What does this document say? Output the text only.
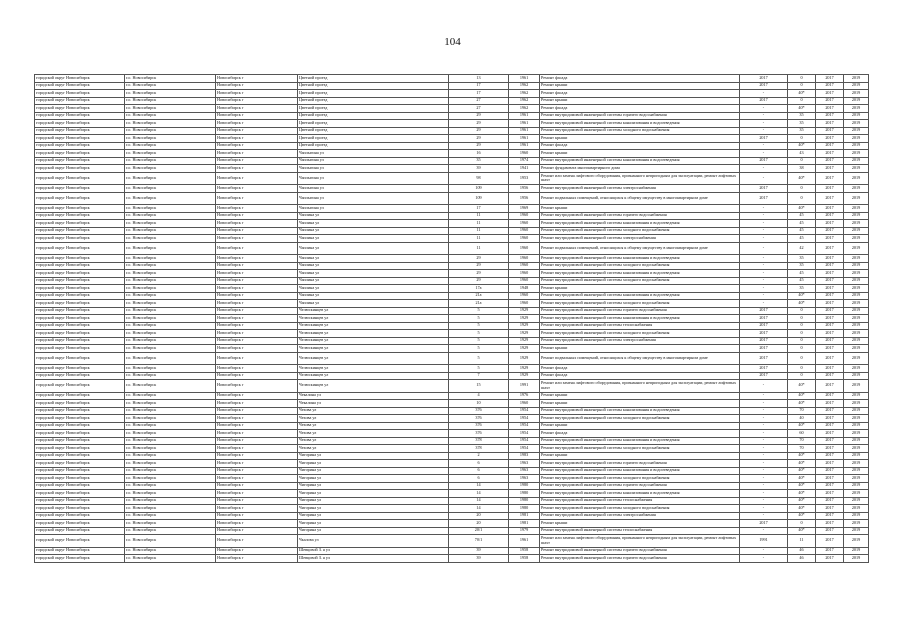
104
городской округ Новосибирск	г.о. Новосибирск	Новосибирск г	Цветной проезд	13	1961	Ремонт фасада	2017	0	2017	2019
городской округ Новосибирск	г.о. Новосибирск	Новосибирск г	Цветной проезд	17	1962	Ремонт крыши	2017	0	2017	2019
городской округ Новосибирск	г.о. Новосибирск	Новосибирск г	Цветной проезд	17	1962	Ремонт фасада	-	40*	2017	2019
городской округ Новосибирск	г.о. Новосибирск	Новосибирск г	Цветной проезд	27	1962	Ремонт крыши	2017	0	2017	2019
городской округ Новосибирск	г.о. Новосибирск	Новосибирск г	Цветной проезд	27	1962	Ремонт фасада	-	40*	2017	2019
городской округ Новосибирск	г.о. Новосибирск	Новосибирск г	Цветной проезд	29	1961	Ремонт внутридомовой инженерной системы горячего водоснабжения	-	35	2017	2019
городской округ Новосибирск	г.о. Новосибирск	Новосибирск г	Цветной проезд	29	1961	Ремонт внутридомовой инженерной системы канализования и водоотведения	-	35	2017	2019
городской округ Новосибирск	г.о. Новосибирск	Новосибирск г	Цветной проезд	29	1961	Ремонт внутридомовой инженерной системы холодного водоснабжения	-	35	2017	2019
городской округ Новосибирск	г.о. Новосибирск	Новосибирск г	Цветной проезд	29	1961	Ремонт крыши	2017	0	2017	2019
городской округ Новосибирск	г.о. Новосибирск	Новосибирск г	Цветной проезд	29	1961	Ремонт фасада	-	40*	2017	2019
городской округ Новосибирск	г.о. Новосибирск	Новосибирск г	Чаплыгина ул	16	1960	Ремонт крыши	-	43	2017	2019
городской округ Новосибирск	г.о. Новосибирск	Новосибирск г	Чаплыгина ул	35	1974	Ремонт внутридомовой инженерной системы канализования и водоотведения	2017	0	2017	2019
городской округ Новосибирск	г.о. Новосибирск	Новосибирск г	Чаплыгина ул	39	1941	Ремонт фундамента многоквартирного дома	-	38	2017	2019
городской округ Новосибирск	г.о. Новосибирск	Новосибирск г	Чаплыгина ул	98	1953	Ремонт или замена лифтового оборудования, признанного непригодным для эксплуатации, ремонт лифтовых шахт	-	40*	2017	2019
городской округ Новосибирск	г.о. Новосибирск	Новосибирск г	Чаплыгина ул	109	1956	Ремонт внутридомовой инженерной системы электроснабжения	2017	0	2017	2019
городской округ Новосибирск	г.о. Новосибирск	Новосибирск г	Чаплыгина ул	109	1956	Ремонт подвальных помещений, относящихся к общему имуществу в многоквартирном доме	2017	0	2017	2019
городской округ Новосибирск	г.о. Новосибирск	Новосибирск г	Чаплыгина ул	17	1969	Ремонт крыши	-	40*	2017	2019
городской округ Новосибирск	г.о. Новосибирск	Новосибирск г	Чаплина ул	11	1960	Ремонт внутридомовой инженерной системы горячего водоснабжения	-	45	2017	2019
городской округ Новосибирск	г.о. Новосибирск	Новосибирск г	Чаплина ул	11	1960	Ремонт внутридомовой инженерной системы канализования и водоотведения	-	45	2017	2019
городской округ Новосибирск	г.о. Новосибирск	Новосибирск г	Чаплина ул	11	1960	Ремонт внутридомовой инженерной системы холодного водоснабжения	-	45	2017	2019
городской округ Новосибирск	г.о. Новосибирск	Новосибирск г	Чаплина ул	11	1960	Ремонт внутридомовой инженерной системы электроснабжения	-	45	2017	2019
городской округ Новосибирск	г.о. Новосибирск	Новосибирск г	Чаплина ул	11	1960	Ремонт подвальных помещений, относящихся к общему имуществу в многоквартирном доме	-	42	2017	2019
городской округ Новосибирск	г.о. Новосибирск	Новосибирск г	Чаплина ул	29	1960	Ремонт внутридомовой инженерной системы канализования и водоотведения	-	35	2017	2019
городской округ Новосибирск	г.о. Новосибирск	Новосибирск г	Чаплина ул	29	1960	Ремонт внутридомовой инженерной системы холодного водоснабжения	-	35	2017	2019
городской округ Новосибирск	г.о. Новосибирск	Новосибирск г	Чаплина ул	29	1960	Ремонт внутридомовой инженерной системы канализования и водоотведения	-	45	2017	2019
городской округ Новосибирск	г.о. Новосибирск	Новосибирск г	Чаплина ул	29	1960	Ремонт внутридомовой инженерной системы холодного водоснабжения	-	45	2017	2019
городской округ Новосибирск	г.о. Новосибирск	Новосибирск г	Чаплина ул	17а	1948	Ремонт крыши	-	35	2017	2019
городской округ Новосибирск	г.о. Новосибирск	Новосибирск г	Чаплина ул	21а	1960	Ремонт внутридомовой инженерной системы канализования и водоотведения	-	40*	2017	2019
городской округ Новосибирск	г.о. Новосибирск	Новосибирск г	Чаплина ул	21а	1960	Ремонт внутридомовой инженерной системы холодного водоснабжения	-	40*	2017	2019
городской округ Новосибирск	г.о. Новосибирск	Новосибирск г	Челюскинцев ул	5	1929	Ремонт внутридомовой инженерной системы горячего водоснабжения	2017	0	2017	2019
городской округ Новосибирск	г.о. Новосибирск	Новосибирск г	Челюскинцев ул	5	1929	Ремонт внутридомовой инженерной системы канализования и водоотведения	2017	0	2017	2019
городской округ Новосибирск	г.о. Новосибирск	Новосибирск г	Челюскинцев ул	5	1929	Ремонт внутридомовой инженерной системы теплоснабжения	2017	0	2017	2019
городской округ Новосибирск	г.о. Новосибирск	Новосибирск г	Челюскинцев ул	5	1929	Ремонт внутридомовой инженерной системы холодного водоснабжения	2017	0	2017	2019
городской округ Новосибирск	г.о. Новосибирск	Новосибирск г	Челюскинцев ул	5	1929	Ремонт внутридомовой инженерной системы электроснабжения	2017	0	2017	2019
городской округ Новосибирск	г.о. Новосибирск	Новосибирск г	Челюскинцев ул	5	1929	Ремонт крыши	2017	0	2017	2019
городской округ Новосибирск	г.о. Новосибирск	Новосибирск г	Челюскинцев ул	5	1929	Ремонт подвальных помещений, относящихся к общему имуществу в многоквартирном доме	2017	0	2017	2019
городской округ Новосибирск	г.о. Новосибирск	Новосибирск г	Челюскинцев ул	5	1929	Ремонт фасада	2017	0	2017	2019
городской округ Новосибирск	г.о. Новосибирск	Новосибирск г	Челюскинцев ул	7	1929	Ремонт фасада	2017	0	2017	2019
городской округ Новосибирск	г.о. Новосибирск	Новосибирск г	Челюскинцев ул	15	1991	Ремонт или замена лифтового оборудования, признанного непригодным для эксплуатации, ремонт лифтовых шахт	-	40*	2017	2019
городской округ Новосибирск	г.о. Новосибирск	Новосибирск г	Чекалина ул	4	1976	Ремонт крыши	-	40*	2017	2019
городской округ Новосибирск	г.о. Новосибирск	Новосибирск г	Чекалина ул	10	1960	Ремонт крыши	-	40*	2017	2019
городской округ Новосибирск	г.о. Новосибирск	Новосибирск г	Чехова ул	376	1954	Ремонт внутридомовой инженерной системы канализования и водоотведения	-	70	2017	2019
городской округ Новосибирск	г.о. Новосибирск	Новосибирск г	Чехова ул	376	1954	Ремонт внутридомовой инженерной системы холодного водоснабжения	-	40	2017	2019
городской округ Новосибирск	г.о. Новосибирск	Новосибирск г	Чехова ул	376	1954	Ремонт крыши	-	40*	2017	2019
городской округ Новосибирск	г.о. Новосибирск	Новосибирск г	Чехова ул	376	1954	Ремонт фасада	-	60	2017	2019
городской округ Новосибирск	г.о. Новосибирск	Новосибирск г	Чехова ул	378	1954	Ремонт внутридомовой инженерной системы канализования и водоотведения	-	70	2017	2019
городской округ Новосибирск	г.о. Новосибирск	Новосибирск г	Чехова ул	378	1954	Ремонт внутридомовой инженерной системы холодного водоснабжения	-	70	2017	2019
городской округ Новосибирск	г.о. Новосибирск	Новосибирск г	Чигорина ул	2	1983	Ремонт крыши	-	40*	2017	2019
городской округ Новосибирск	г.о. Новосибирск	Новосибирск г	Чигорина ул	6	1963	Ремонт внутридомовой инженерной системы горячего водоснабжения	-	40*	2017	2019
городской округ Новосибирск	г.о. Новосибирск	Новосибирск г	Чигорина ул	6	1963	Ремонт внутридомовой инженерной системы канализования и водоотведения	-	40*	2017	2019
городской округ Новосибирск	г.о. Новосибирск	Новосибирск г	Чигорина ул	6	1963	Ремонт внутридомовой инженерной системы холодного водоснабжения	-	40*	2017	2019
городской округ Новосибирск	г.о. Новосибирск	Новосибирск г	Чигорина ул	14	1980	Ремонт внутридомовой инженерной системы горячего водоснабжения	-	40*	2017	2019
городской округ Новосибирск	г.о. Новосибирск	Новосибирск г	Чигорина ул	14	1980	Ремонт внутридомовой инженерной системы канализования и водоотведения	-	40*	2017	2019
городской округ Новосибирск	г.о. Новосибирск	Новосибирск г	Чигорина ул	14	1980	Ремонт внутридомовой инженерной системы теплоснабжения	-	40*	2017	2019
городской округ Новосибирск	г.о. Новосибирск	Новосибирск г	Чигорина ул	14	1980	Ремонт внутридомовой инженерной системы холодного водоснабжения	-	40*	2017	2019
городской округ Новосибирск	г.о. Новосибирск	Новосибирск г	Чигорина ул	20	1981	Ремонт внутридомовой инженерной системы электроснабжения	-	40*	2017	2019
городской округ Новосибирск	г.о. Новосибирск	Новосибирск г	Чигорина ул	20	1981	Ремонт крыши	2017	0	2017	2019
городской округ Новосибирск	г.о. Новосибирск	Новосибирск г	Чигорина ул	20/1	1979	Ремонт внутридомовой инженерной системы теплоснабжения	-	40*	2017	2019
городской округ Новосибирск	г.о. Новосибирск	Новосибирск г	Чкалова ул	70/1	1961	Ремонт или замена лифтового оборудования, признанного непригодным для эксплуатации, ремонт лифтовых шахт	1991	11	2017	2019
городской округ Новосибирск	г.о. Новосибирск	Новосибирск г	Шевцовой З. я ул	39	1958	Ремонт внутридомовой инженерной системы горячего водоснабжения	-	46	2017	2019
городской округ Новосибирск	г.о. Новосибирск	Новосибирск г	Шевцовой З. я ул	39	1958	Ремонт внутридомовой инженерной системы горячего водоснабжения	-	46	2017	2019
